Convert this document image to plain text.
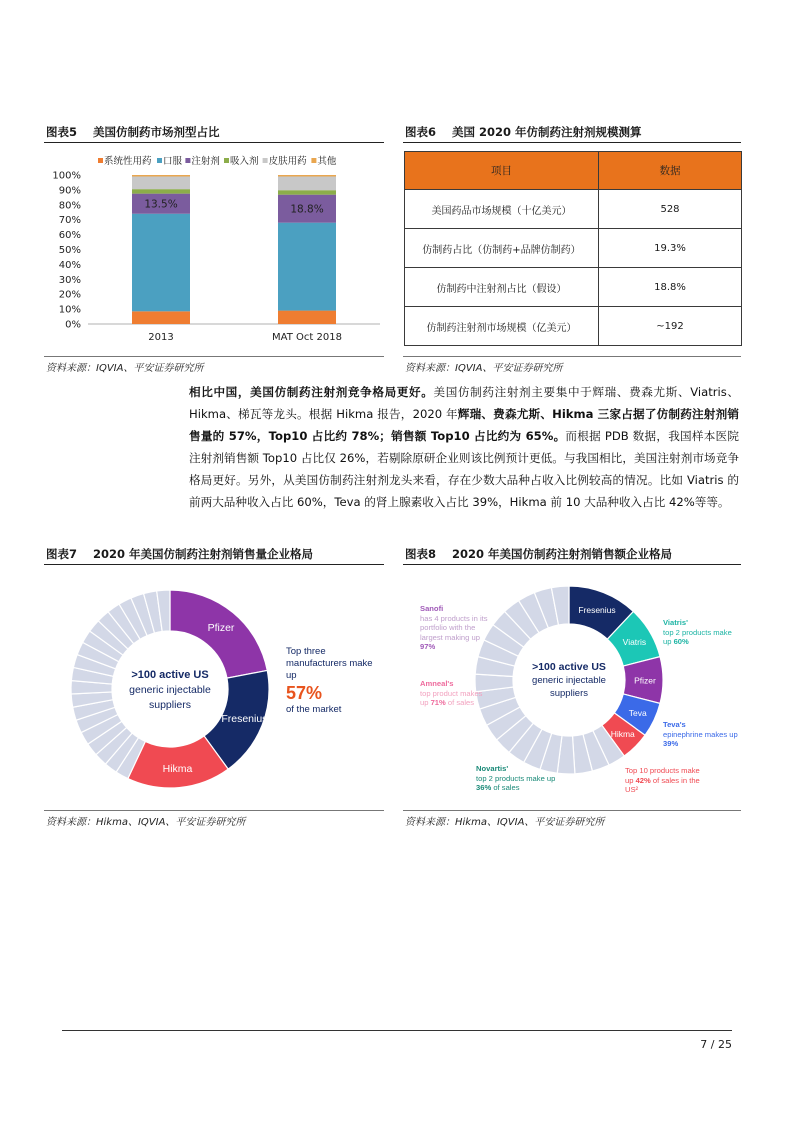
图表5 美国仿制药市场剂型占比
系统性用药 口服 注射剂 吸入剂 皮肤用药 其他
0%
10%
20%
30%
40%
50%
60%
70%
80%
90%
100%
13.5%	18.8%
2013	MAT Oct 2018
资料来源：IQVIA、平安证券研究所
图表6 美国 2020 年仿制药注射剂规模测算
项目	数据
美国药品市场规模（十亿美元）	528
仿制药占比（仿制药+品牌仿制药）	19.3%
仿制药中注射剂占比（假设）	18.8%
仿制药注射剂市场规模（亿美元）	~192
资料来源：IQVIA、平安证券研究所
相比中国，美国仿制药注射剂竞争格局更好。美国仿制药注射剂主要集中于辉瑞、费森尤斯、Viatris、Hikma、梯瓦等龙头。根据 Hikma 报告，2020 年辉瑞、费森尤斯、Hikma 三家占据了仿制药注射剂销售量的 57%，Top10 占比约 78%；销售额 Top10 占比约为 65%。而根据 PDB 数据，我国样本医院注射剂销售额 Top10 占比仅 26%，若剔除原研企业则该比例预计更低。与我国相比，美国注射剂市场竞争格局更好。另外，从美国仿制药注射剂龙头来看，存在少数大品种占收入比例较高的情况。比如 Viatris 的前两大品种收入占比 60%，Teva 的肾上腺素收入占比 39%，Hikma 前 10 大品种收入占比 42%等等。
图表7 2020 年美国仿制药注射剂销售量企业格局
Pfizer
Fresenius
Hikma
>100 active US
generic injectable
suppliers
Top three manufacturers make up
57%
of the market
资料来源：Hikma、IQVIA、平安证券研究所
图表8 2020 年美国仿制药注射剂销售额企业格局
Fresenius
Viatris
Pfizer
Teva
Hikma
>100 active US
generic injectable
suppliers
Sanofi
has 4 products in its portfolio with the largest making up 97%
Amneal's
top product makes up 71% of sales
Novartis'
top 2 products make up 36% of sales
Viatris'
top 2 products make up 60%
Teva's
epinephrine makes up 39%
Top 10 products make up 42% of sales in the US²
资料来源：Hikma、IQVIA、平安证券研究所
7 / 25
